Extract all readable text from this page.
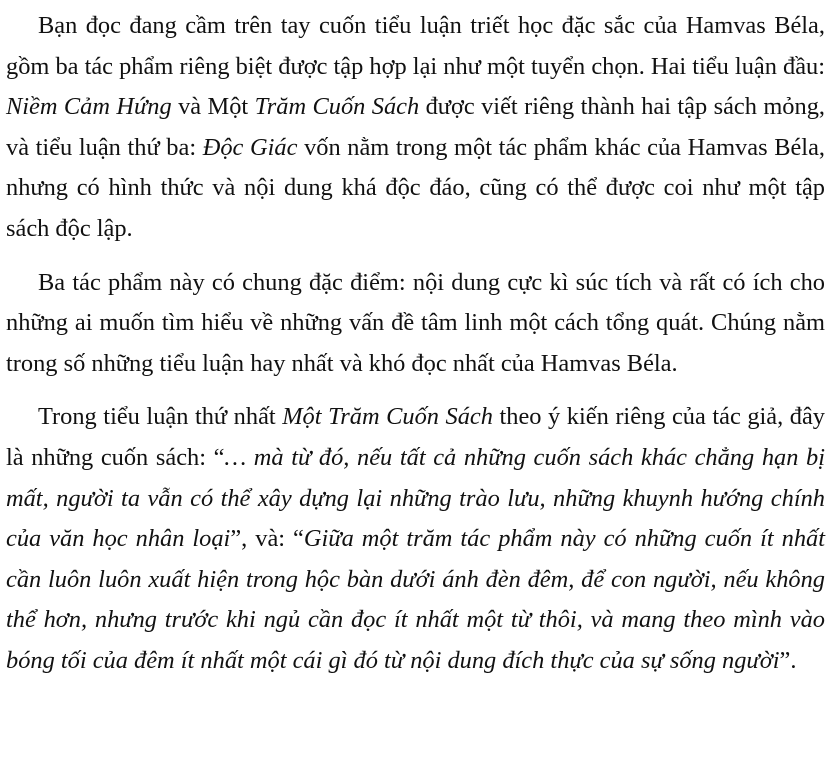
Bạn đọc đang cầm trên tay cuốn tiểu luận triết học đặc sắc của Hamvas Béla, gồm ba tác phẩm riêng biệt được tập hợp lại như một tuyển chọn. Hai tiểu luận đầu: Niềm Cảm Hứng và Một Trăm Cuốn Sách được viết riêng thành hai tập sách mỏng, và tiểu luận thứ ba: Độc Giác vốn nằm trong một tác phẩm khác của Hamvas Béla, nhưng có hình thức và nội dung khá độc đáo, cũng có thể được coi như một tập sách độc lập.

Ba tác phẩm này có chung đặc điểm: nội dung cực kì súc tích và rất có ích cho những ai muốn tìm hiểu về những vấn đề tâm linh một cách tổng quát. Chúng nằm trong số những tiểu luận hay nhất và khó đọc nhất của Hamvas Béla.

Trong tiểu luận thứ nhất Một Trăm Cuốn Sách theo ý kiến riêng của tác giả, đây là những cuốn sách: “… mà từ đó, nếu tất cả những cuốn sách khác chẳng hạn bị mất, người ta vẫn có thể xây dựng lại những trào lưu, những khuynh hướng chính của văn học nhân loại”, và: “Giữa một trăm tác phẩm này có những cuốn ít nhất cần luôn luôn xuất hiện trong hộc bàn dưới ánh đèn đêm, để con người, nếu không thể hơn, nhưng trước khi ngủ cần đọc ít nhất một từ thôi, và mang theo mình vào bóng tối của đêm ít nhất một cái gì đó từ nội dung đích thực của sự sống người”.
